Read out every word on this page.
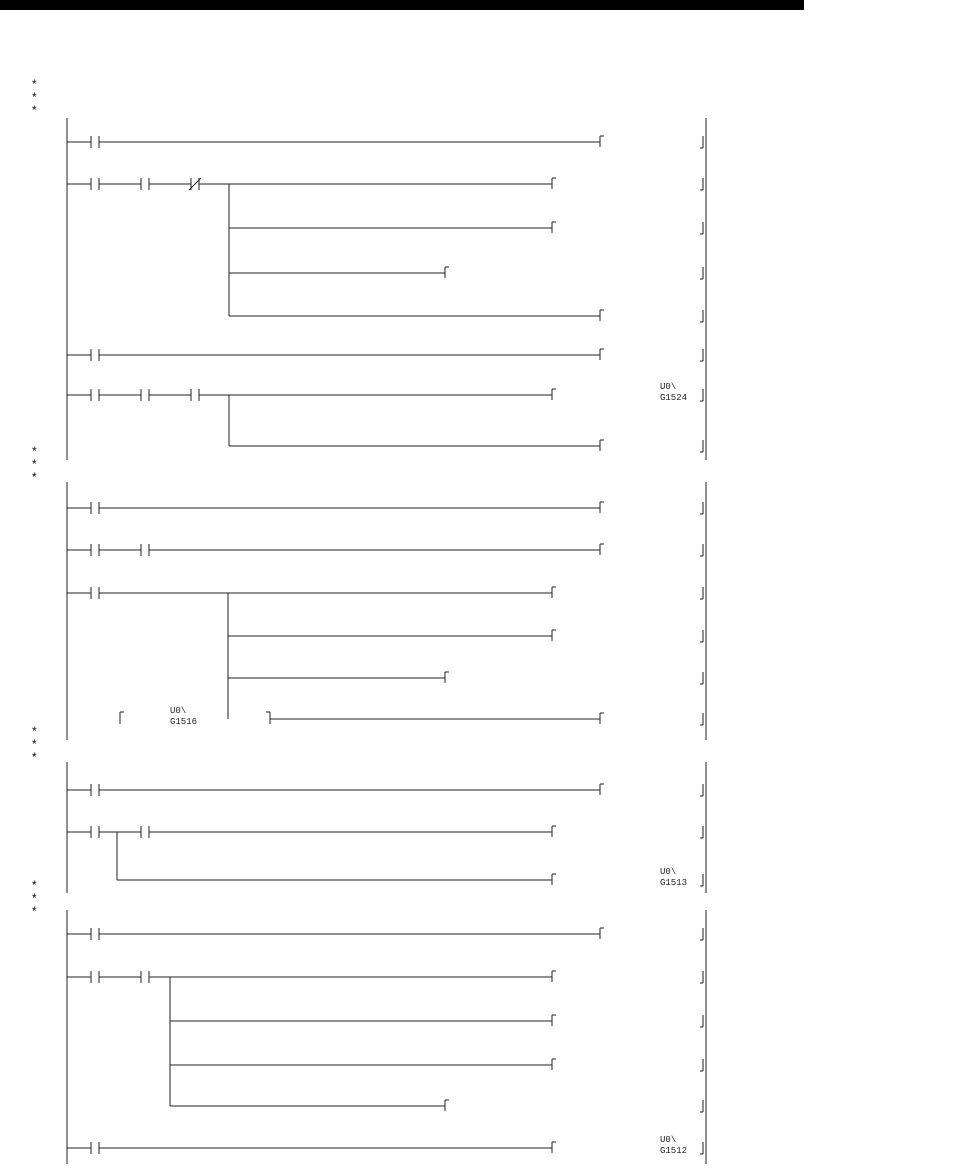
*
*
*
U0\
G1524
*
*
*
U0\
G1516
*
*
*
U0\
G1513
*
*
*
U0\
G1512
